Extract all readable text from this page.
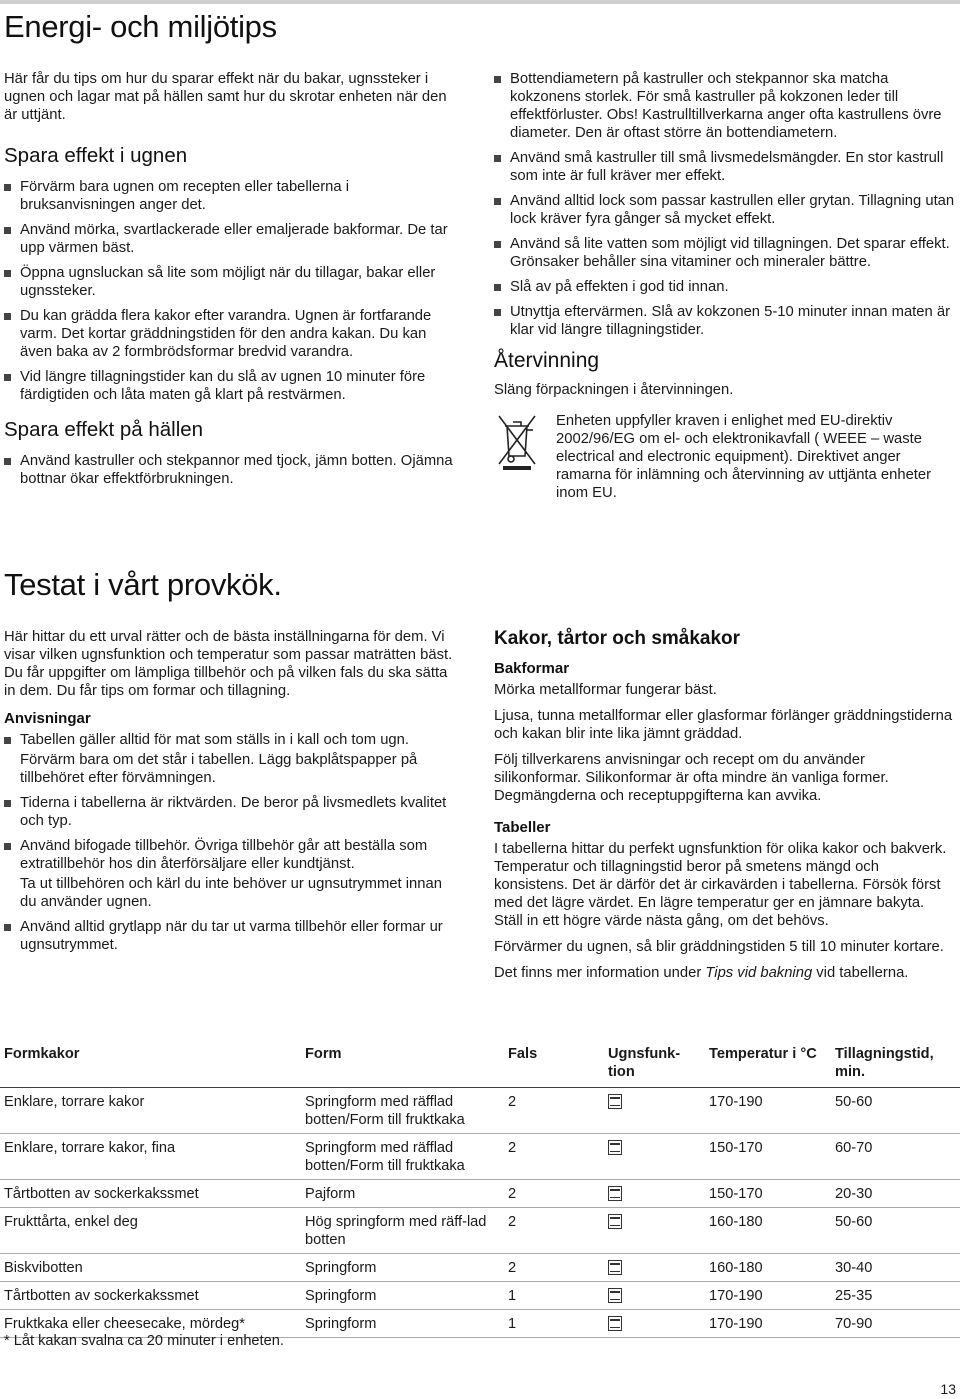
Energi- och miljötips

Här får du tips om hur du sparar effekt när du bakar, ugnssteker i ugnen och lagar mat på hällen samt hur du skrotar enheten när den är uttjänt.

Spara effekt i ugnen
Förvärm bara ugnen om recepten eller tabellerna i bruksanvisningen anger det.
Använd mörka, svartlackerade eller emaljerade bakformar. De tar upp värmen bäst.
Öppna ugnsluckan så lite som möjligt när du tillagar, bakar eller ugnssteker.
Du kan grädda flera kakor efter varandra. Ugnen är fortfarande varm. Det kortar gräddningstiden för den andra kakan. Du kan även baka av 2 formbrödsformar bredvid varandra.
Vid längre tillagningstider kan du slå av ugnen 10 minuter före färdigtiden och låta maten gå klart på restvärmen.
Spara effekt på hällen
Använd kastruller och stekpannor med tjock, jämn botten. Ojämna bottnar ökar effektförbrukningen.
Bottendiametern på kastruller och stekpannor ska matcha kokzonens storlek. För små kastruller på kokzonen leder till effektförluster. Obs! Kastrulltillverkarna anger ofta kastrullens övre diameter. Den är oftast större än bottendiametern.
Använd små kastruller till små livsmedelsmängder. En stor kastrull som inte är full kräver mer effekt.
Använd alltid lock som passar kastrullen eller grytan. Tillagning utan lock kräver fyra gånger så mycket effekt.
Använd så lite vatten som möjligt vid tillagningen. Det sparar effekt. Grönsaker behåller sina vitaminer och mineraler bättre.
Slå av på effekten i god tid innan.
Utnyttja eftervärmen. Slå av kokzonen 5-10 minuter innan maten är klar vid längre tillagningstider.
Återvinning

Släng förpackningen i återvinningen.

Enheten uppfyller kraven i enlighet med EU-direktiv 2002/96/EG om el- och elektronikavfall ( WEEE – waste electrical and electronic equipment). Direktivet anger ramarna för inlämning och återvinning av uttjänta enheter inom EU.
Testat i vårt provkök.

Här hittar du ett urval rätter och de bästa inställningarna för dem. Vi visar vilken ugnsfunktion och temperatur som passar maträtten bäst. Du får uppgifter om lämpliga tillbehör och på vilken fals du ska sätta in dem. Du får tips om formar och tillagning.

Anvisningar
Tabellen gäller alltid för mat som ställs in i kall och tom ugn.
Förvärm bara om det står i tabellen. Lägg bakplåtspapper på tillbehöret efter förvämningen.
Tiderna i tabellerna är riktvärden. De beror på livsmedlets kvalitet och typ.
Använd bifogade tillbehör. Övriga tillbehör går att beställa som extratillbehör hos din återförsäljare eller kundtjänst.
Ta ut tillbehören och kärl du inte behöver ur ugnsutrymmet innan du använder ugnen.
Använd alltid grytlapp när du tar ut varma tillbehör eller formar ur ugnsutrymmet.
Kakor, tårtor och småkakor
Bakformar

Mörka metallformar fungerar bäst.

Ljusa, tunna metallformar eller glasformar förlänger gräddningstiderna och kakan blir inte lika jämnt gräddad.

Följ tillverkarens anvisningar och recept om du använder silikonformar. Silikonformar är ofta mindre än vanliga former. Degmängderna och receptuppgifterna kan avvika.

Tabeller

I tabellerna hittar du perfekt ugnsfunktion för olika kakor och bakverk. Temperatur och tillagningstid beror på smetens mängd och konsistens. Det är därför det är cirkavärden i tabellerna. Försök först med det lägre värdet. En lägre temperatur ger en jämnare bakyta. Ställ in ett högre värde nästa gång, om det behövs.

Förvärmer du ugnen, så blir gräddningstiden 5 till 10 minuter kortare.

Det finns mer information under Tips vid bakning vid tabellerna.

Formkakor	Form	Fals	Ugnsfunk-tion	Temperatur i °C	Tillagningstid, min.
Enklare, torrare kakor	Springform med räfflad botten/Form till fruktkaka	2		170-190	50-60
Enklare, torrare kakor, fina	Springform med räfflad botten/Form till fruktkaka	2		150-170	60-70
Tårtbotten av sockerkakssmet	Pajform	2		150-170	20-30
Frukttårta, enkel deg	Hög springform med räff-lad botten	2		160-180	50-60
Biskvibotten	Springform	2		160-180	30-40
Tårtbotten av sockerkakssmet	Springform	1		170-190	25-35
Fruktkaka eller cheesecake, mördeg*	Springform	1		170-190	70-90
* Låt kakan svalna ca 20 minuter i enheten.
13
